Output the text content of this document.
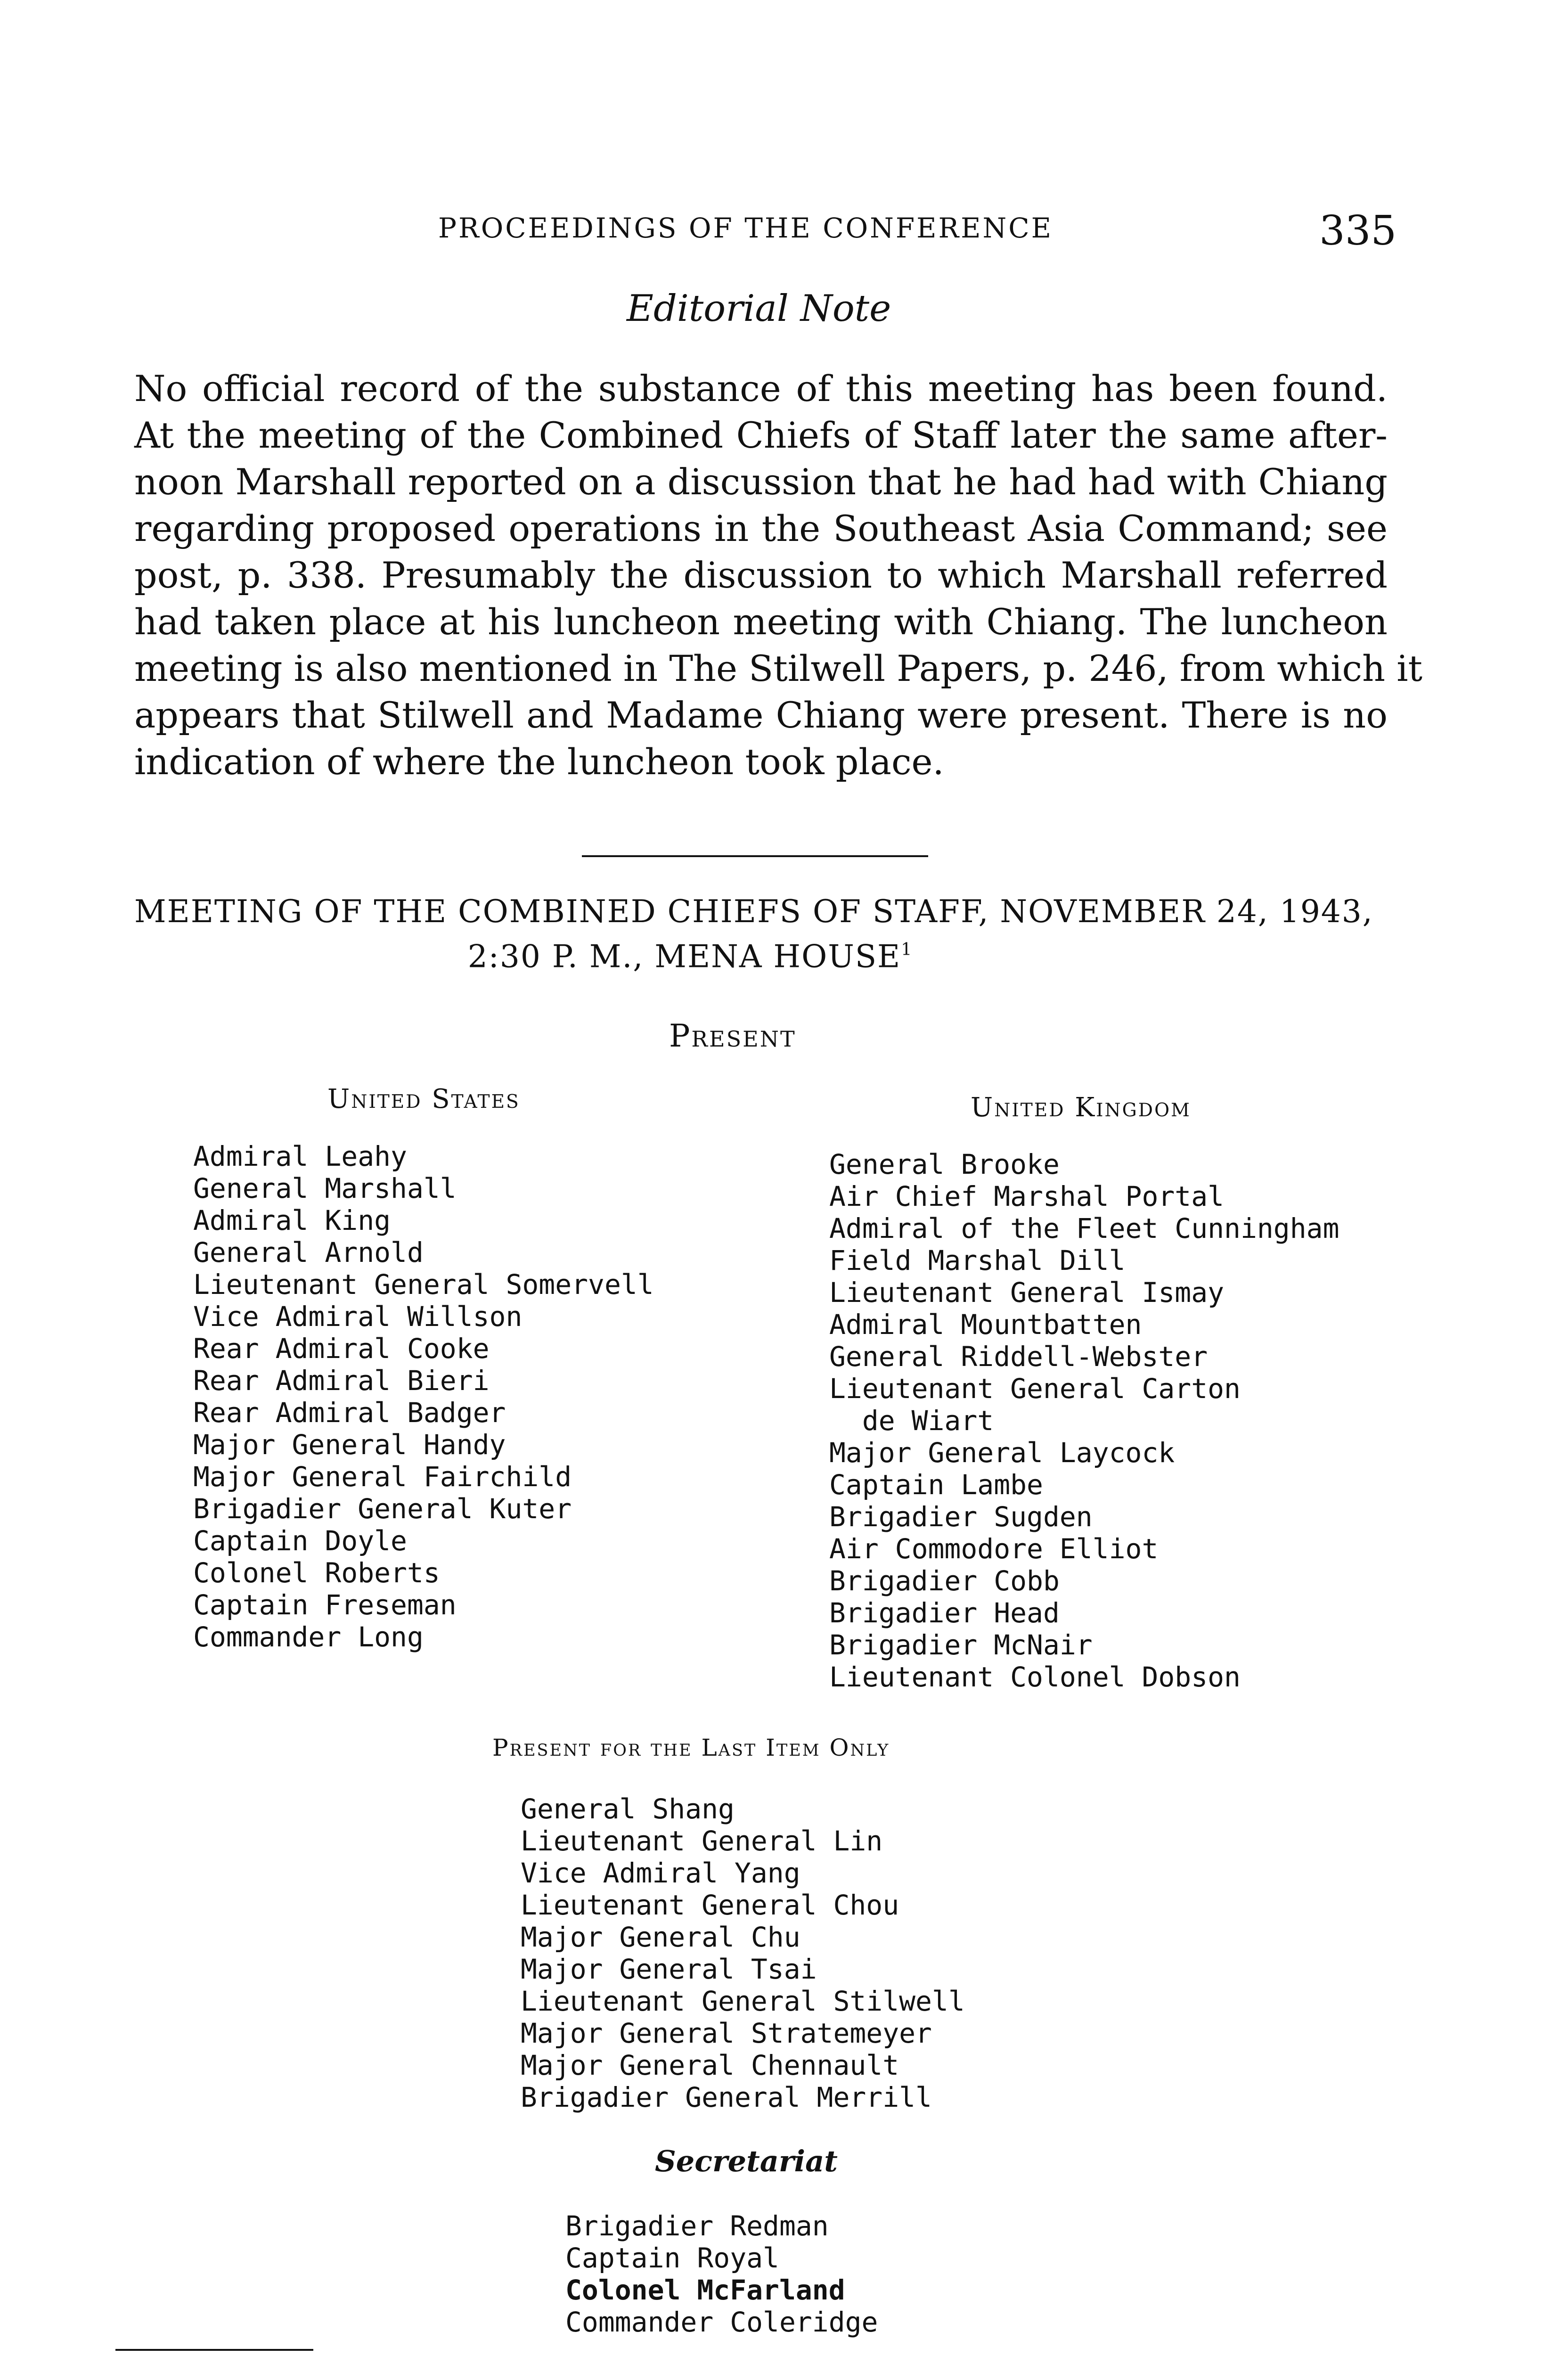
PROCEEDINGS OF THE CONFERENCE	335
Editorial Note
No official record of the substance of this meeting has been found.
At the meeting of the Combined Chiefs of Staff later the same after-
noon Marshall reported on a discussion that he had had with Chiang
regarding proposed operations in the Southeast Asia Command; see
post, p. 338. Presumably the discussion to which Marshall referred
had taken place at his luncheon meeting with Chiang. The luncheon
meeting is also mentioned in The Stilwell Papers, p. 246, from which it
appears that Stilwell and Madame Chiang were present. There is no
indication of where the luncheon took place.
MEETING OF THE COMBINED CHIEFS OF STAFF, NOVEMBER 24, 1943,
2:30 P. M., MENA HOUSE$^1$
Present
United States	United Kingdom
Admiral Leahy
General Marshall
Admiral King
General Arnold
Lieutenant General Somervell
Vice Admiral Willson
Rear Admiral Cooke
Rear Admiral Bieri
Rear Admiral Badger
Major General Handy
Major General Fairchild
Brigadier General Kuter
Captain Doyle
Colonel Roberts
Captain Freseman
Commander Long
General Brooke
Air Chief Marshal Portal
Admiral of the Fleet Cunningham
Field Marshal Dill
Lieutenant General Ismay
Admiral Mountbatten
General Riddell-Webster
Lieutenant General Carton
de Wiart
Major General Laycock
Captain Lambe
Brigadier Sugden
Air Commodore Elliot
Brigadier Cobb
Brigadier Head
Brigadier McNair
Lieutenant Colonel Dobson
Present for the Last Item Only
General Shang
Lieutenant General Lin
Vice Admiral Yang
Lieutenant General Chou
Major General Chu
Major General Tsai
Lieutenant General Stilwell
Major General Stratemeyer
Major General Chennault
Brigadier General Merrill
Secretariat
Brigadier Redman
Captain Royal
Colonel McFarland
Commander Coleridge
